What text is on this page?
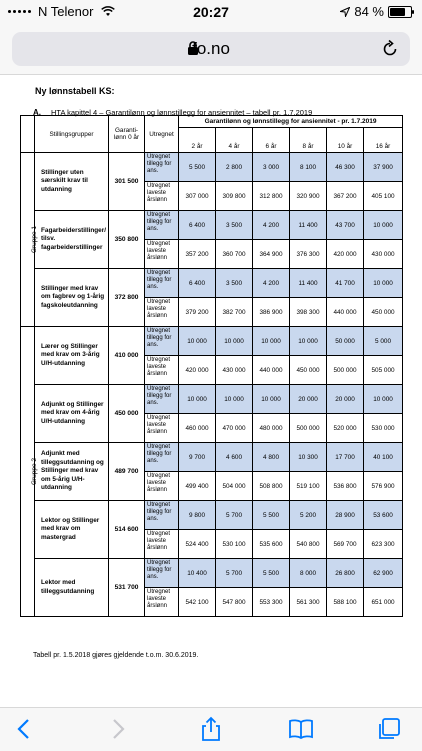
N Telenor	20:27	84 %
fo.no
Ny lønnstabell KS:
A. HTA kapittel 4 – Garantilønn og lønnstillegg for ansiennitet – tabell pr. 1.7.2019
	Stillingsgrupper	Garanti-lønn 0 år	Utregnet	Garantilønn og lønnstillegg for ansiennitet - pr. 1.7.2019					
				2 år	4 år	6 år	8 år	10 år	16 år
Gruppe 1	Stillinger uten særskilt krav til utdanning	301 500	Utregnet tillegg for ans.	5 500	2 800	3 000	8 100	46 300	37 900
			Utregnet laveste årslønn	307 000	309 800	312 800	320 900	367 200	405 100
	Fagarbeiderstillinger/ tilsv. fagarbeiderstillinger	350 800	Utregnet tillegg for ans.	6 400	3 500	4 200	11 400	43 700	10 000
			Utregnet laveste årslønn	357 200	360 700	364 900	376 300	420 000	430 000
	Stillinger med krav om fagbrev og 1-årig fagskoleutdanning	372 800	Utregnet tillegg for ans.	6 400	3 500	4 200	11 400	41 700	10 000
			Utregnet laveste årslønn	379 200	382 700	386 900	398 300	440 000	450 000
Gruppe 2	Lærer og Stillinger med krav om 3-årig U/H-utdanning	410 000	Utregnet tillegg for ans.	10 000	10 000	10 000	10 000	50 000	5 000
			Utregnet laveste årslønn	420 000	430 000	440 000	450 000	500 000	505 000
	Adjunkt og Stillinger med krav om 4-årig U/H-utdanning	450 000	Utregnet tillegg for ans.	10 000	10 000	10 000	20 000	20 000	10 000
			Utregnet laveste årslønn	460 000	470 000	480 000	500 000	520 000	530 000
	Adjunkt med tilleggsutdanning og Stillinger med krav om 5-årig U/H-utdanning	489 700	Utregnet tillegg for ans.	9 700	4 600	4 800	10 300	17 700	40 100
			Utregnet laveste årslønn	499 400	504 000	508 800	519 100	536 800	576 900
	Lektor og Stillinger med krav om mastergrad	514 600	Utregnet tillegg for ans.	9 800	5 700	5 500	5 200	28 900	53 600
			Utregnet laveste årslønn	524 400	530 100	535 600	540 800	569 700	623 300
	Lektor med tilleggsutdanning	531 700	Utregnet tillegg for ans.	10 400	5 700	5 500	8 000	26 800	62 900
			Utregnet laveste årslønn	542 100	547 800	553 300	561 300	588 100	651 000
Tabell pr. 1.5.2018 gjøres gjeldende t.o.m. 30.6.2019.
